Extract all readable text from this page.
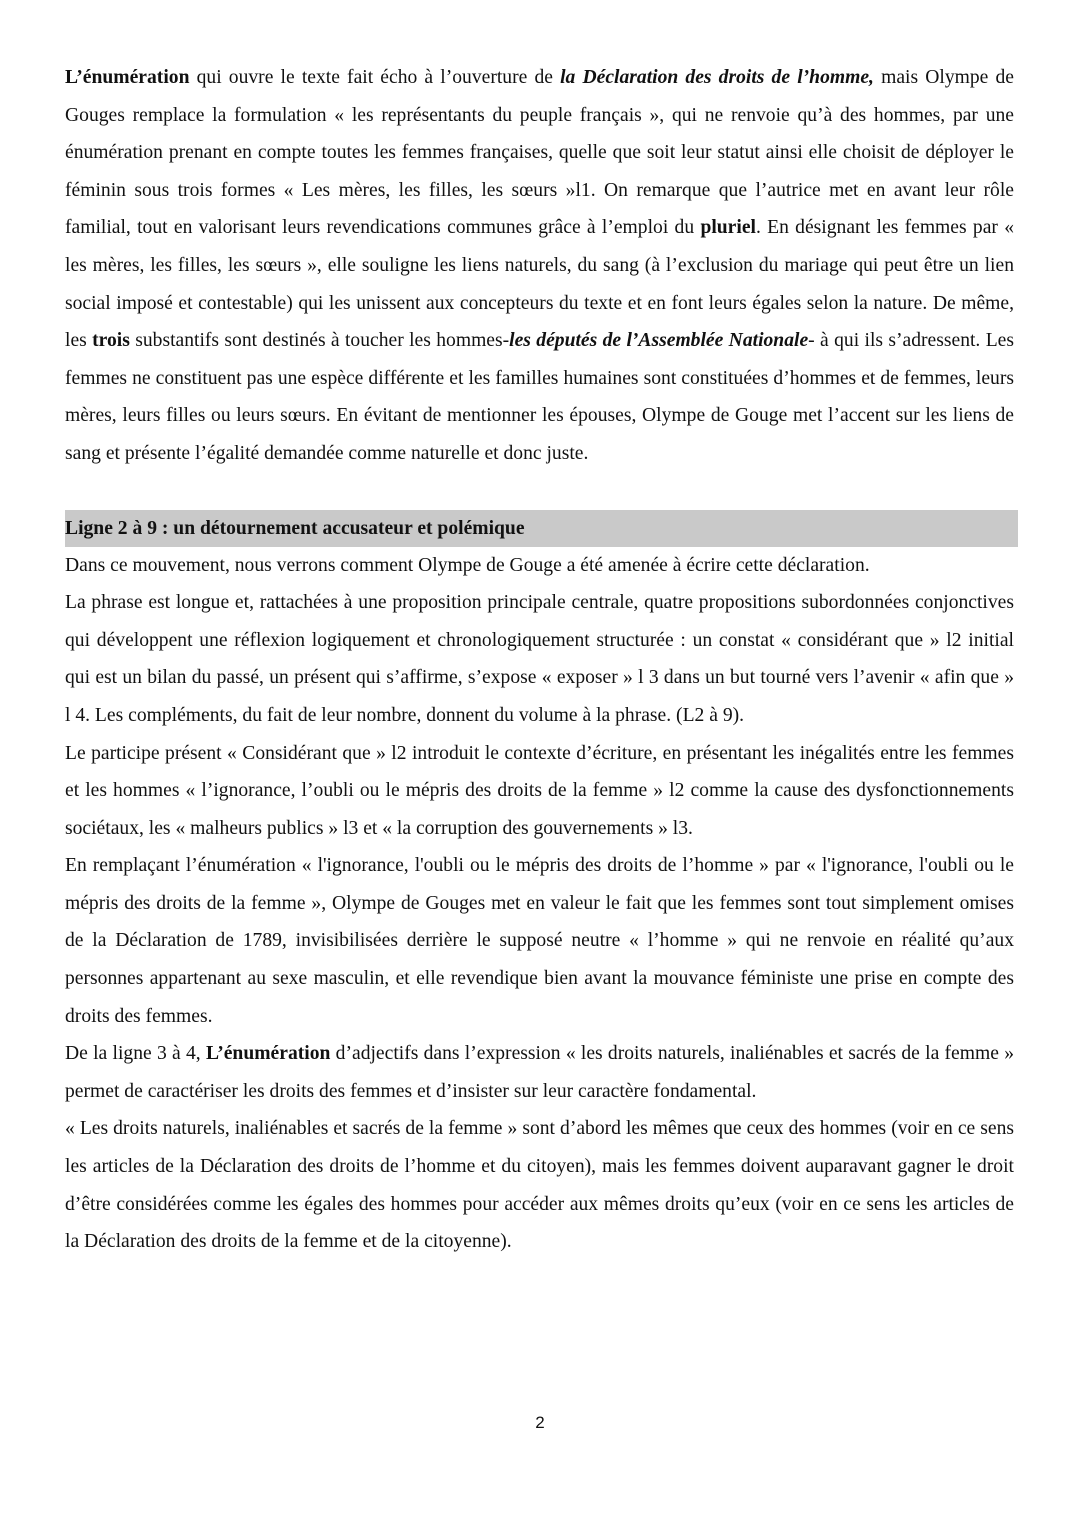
L’énumération qui ouvre le texte fait écho à l’ouverture de la Déclaration des droits de l’homme, mais Olympe de Gouges remplace la formulation « les représentants du peuple français », qui ne renvoie qu’à des hommes, par une énumération prenant en compte toutes les femmes françaises, quelle que soit leur statut ainsi elle choisit de déployer le féminin sous trois formes « Les mères, les filles, les sœurs »l1. On remarque que l’autrice met en avant leur rôle familial, tout en valorisant leurs revendications communes grâce à l’emploi du pluriel. En désignant les femmes par « les mères, les filles, les sœurs », elle souligne les liens naturels, du sang (à l’exclusion du mariage qui peut être un lien social imposé et contestable) qui les unissent aux concepteurs du texte et en font leurs égales selon la nature. De même, les trois substantifs sont destinés à toucher les hommes-les députés de l’Assemblée Nationale- à qui ils s’adressent. Les femmes ne constituent pas une espèce différente et les familles humaines sont constituées d’hommes et de femmes, leurs mères, leurs filles ou leurs sœurs. En évitant de mentionner les épouses, Olympe de Gouge met l’accent sur les liens de sang et présente l’égalité demandée comme naturelle et donc juste.

Ligne 2 à 9 : un détournement accusateur et polémique

Dans ce mouvement, nous verrons comment Olympe de Gouge a été amenée à écrire cette déclaration.

La phrase est longue et, rattachées à une proposition principale centrale, quatre propositions subordonnées conjonctives qui développent une réflexion logiquement et chronologiquement structurée : un constat « considérant que » l2 initial qui est un bilan du passé, un présent qui s’affirme, s’expose « exposer » l 3 dans un but tourné vers l’avenir « afin que » l 4. Les compléments, du fait de leur nombre, donnent du volume à la phrase. (L2 à 9).

Le participe présent « Considérant que » l2 introduit le contexte d’écriture, en présentant les inégalités entre les femmes et les hommes « l’ignorance, l’oubli ou le mépris des droits de la femme » l2 comme la cause des dysfonctionnements sociétaux, les « malheurs publics » l3 et « la corruption des gouvernements » l3.

En remplaçant l’énumération « l'ignorance, l'oubli ou le mépris des droits de l’homme » par « l'ignorance, l'oubli ou le mépris des droits de la femme », Olympe de Gouges met en valeur le fait que les femmes sont tout simplement omises de la Déclaration de 1789, invisibilisées derrière le supposé neutre « l’homme » qui ne renvoie en réalité qu’aux personnes appartenant au sexe masculin, et elle revendique bien avant la mouvance féministe une prise en compte des droits des femmes.

De la ligne 3 à 4, L’énumération d’adjectifs dans l’expression « les droits naturels, inaliénables et sacrés de la femme » permet de caractériser les droits des femmes et d’insister sur leur caractère fondamental.

« Les droits naturels, inaliénables et sacrés de la femme » sont d’abord les mêmes que ceux des hommes (voir en ce sens les articles de la Déclaration des droits de l’homme et du citoyen), mais les femmes doivent auparavant gagner le droit d’être considérées comme les égales des hommes pour accéder aux mêmes droits qu’eux (voir en ce sens les articles de la Déclaration des droits de la femme et de la citoyenne).

2
